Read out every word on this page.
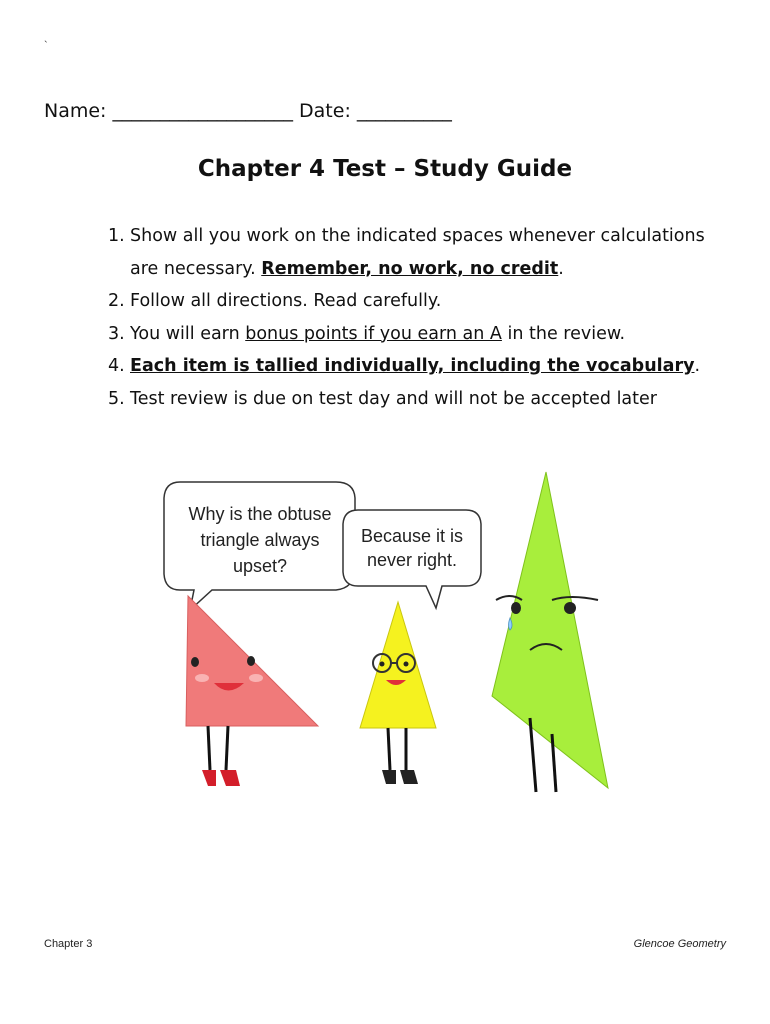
`
Name: ___________________ Date: __________
Chapter 4 Test – Study Guide
1. Show all you work on the indicated spaces whenever calculations are necessary. Remember, no work, no credit.
2. Follow all directions. Read carefully.
3. You will earn bonus points if you earn an A in the review.
4. Each item is tallied individually, including the vocabulary.
5. Test review is due on test day and will not be accepted later
Why is the obtuse
triangle always
upset?
Because it is
never right.
Chapter 3	Glencoe Geometry
